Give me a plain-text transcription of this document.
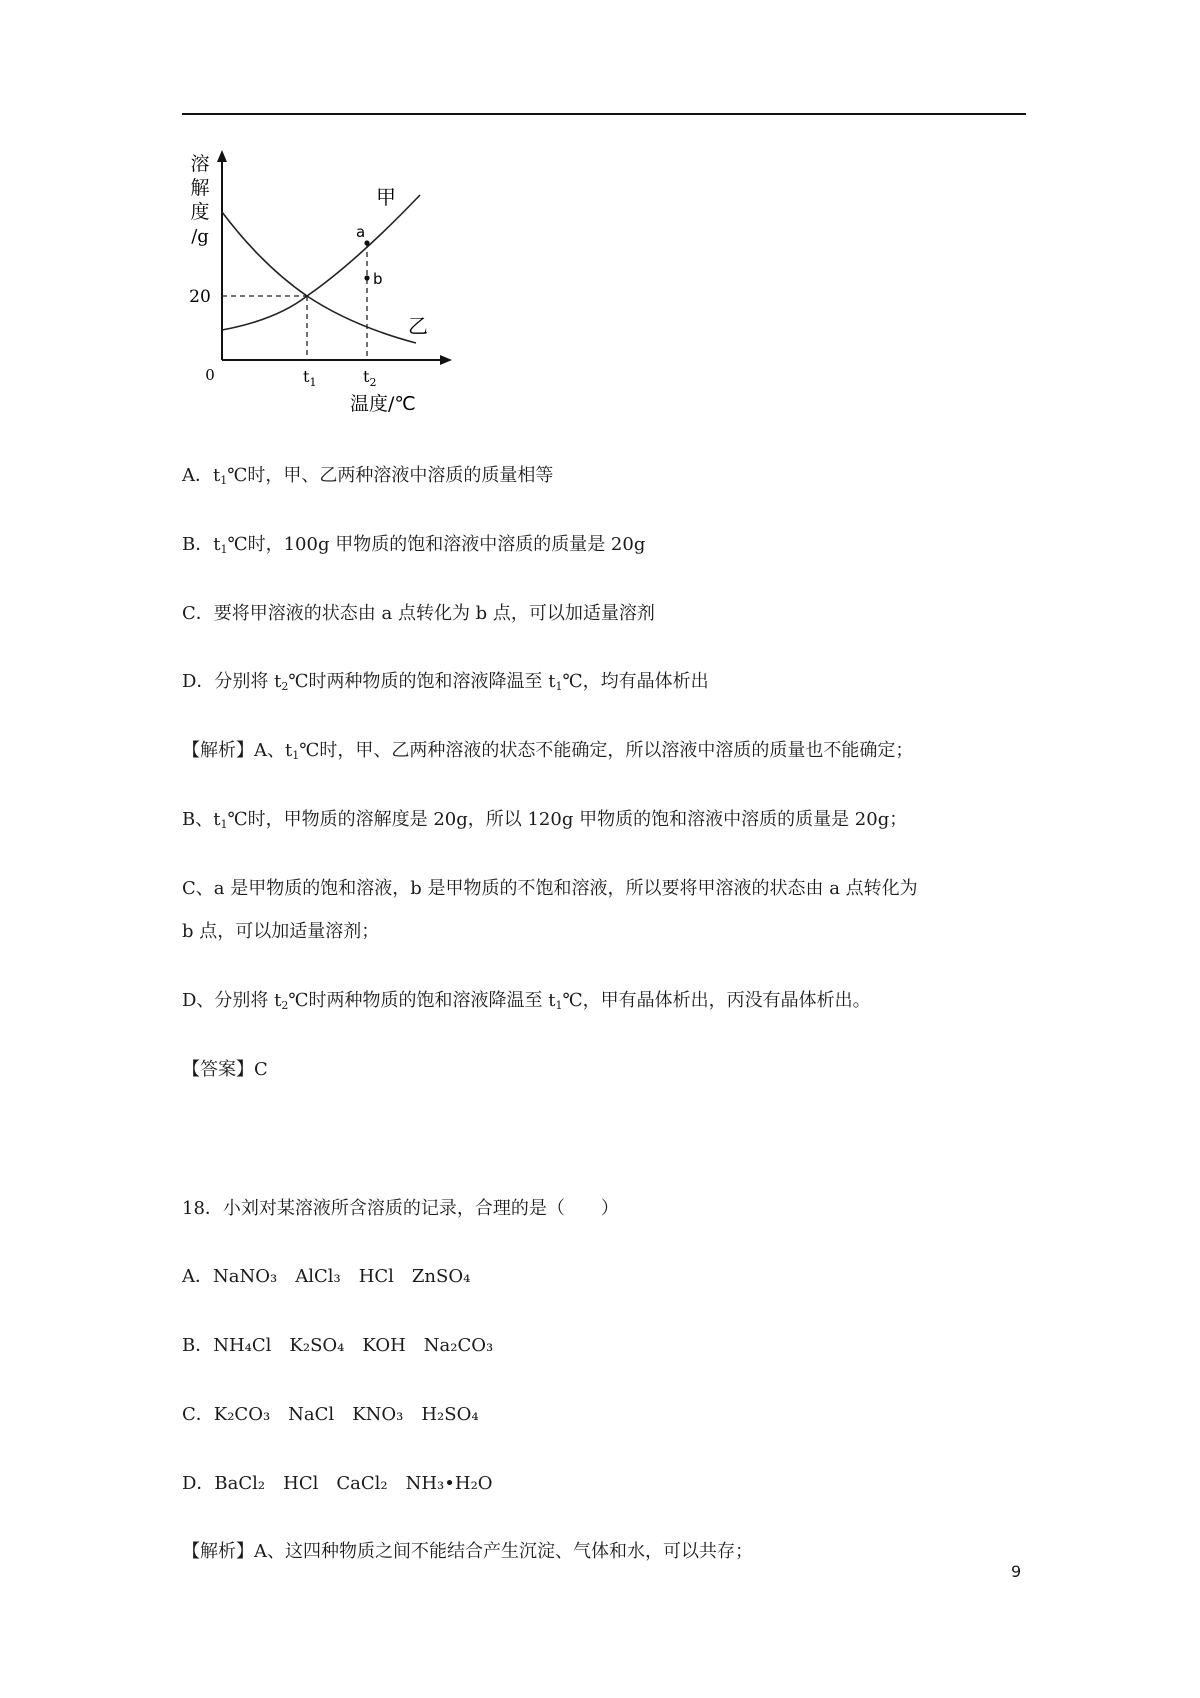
溶
解
度
/g
20
0	$t_1$	$t_2$
温度/℃
甲
乙
a
b
A．$t_1℃$时，甲、乙两种溶液中溶质的质量相等
B．$t_1℃$时，100g 甲物质的饱和溶液中溶质的质量是 20g
C．要将甲溶液的状态由 a 点转化为 b 点，可以加适量溶剂
D．分别将 $t_2℃$时两种物质的饱和溶液降温至 $t_1℃$，均有晶体析出
【解析】A、$t_1℃$时，甲、乙两种溶液的状态不能确定，所以溶液中溶质的质量也不能确定；
B、$t_1℃$时，甲物质的溶解度是 20g，所以 120g 甲物质的饱和溶液中溶质的质量是 20g；
C、a 是甲物质的饱和溶液，b 是甲物质的不饱和溶液，所以要将甲溶液的状态由 a 点转化为
b 点，可以加适量溶剂；
D、分别将 $t_2℃$时两种物质的饱和溶液降温至 $t_1℃$，甲有晶体析出，丙没有晶体析出。
【答案】C
18．小刘对某溶液所含溶质的记录，合理的是（　　）
A．NaNO₃　AlCl₃　HCl　ZnSO₄
B．NH₄Cl　K₂SO₄　KOH　Na₂CO₃
C．K₂CO₃　NaCl　KNO₃　H₂SO₄
D．BaCl₂　HCl　CaCl₂　NH₃•H₂O
【解析】A、这四种物质之间不能结合产生沉淀、气体和水，可以共存；
9
